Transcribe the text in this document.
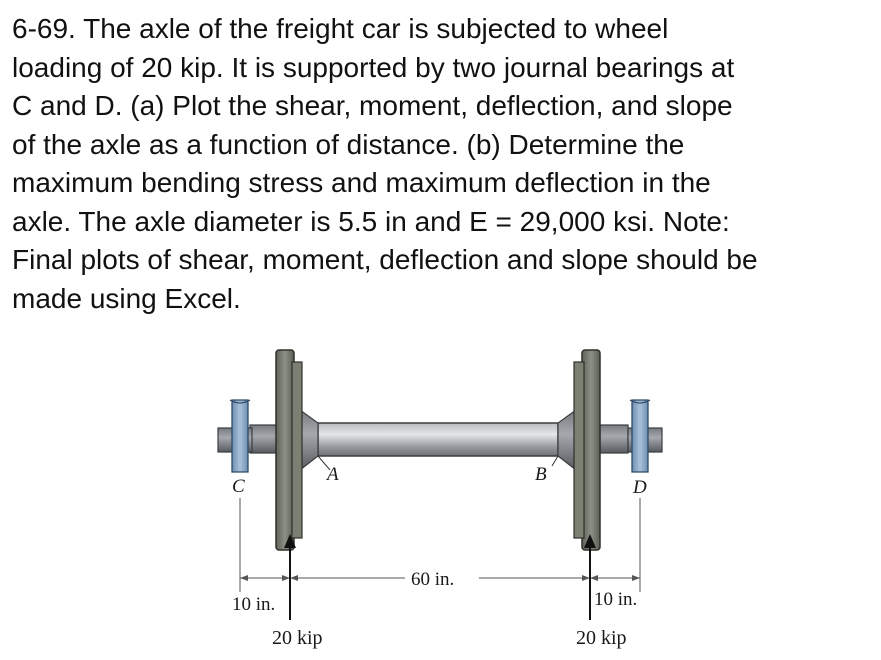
6-69. The axle of the freight car is subjected to wheel
loading of 20 kip. It is supported by two journal bearings at
C and D. (a) Plot the shear, moment, deflection, and slope
of the axle as a function of distance. (b) Determine the
maximum bending stress and maximum deflection in the
axle. The axle diameter is 5.5 in and E = 29,000 ksi. Note:
Final plots of shear, moment, deflection and slope should be
made using Excel.
C
A	B
D
60 in.
10 in.	10 in.
20 kip	20 kip
